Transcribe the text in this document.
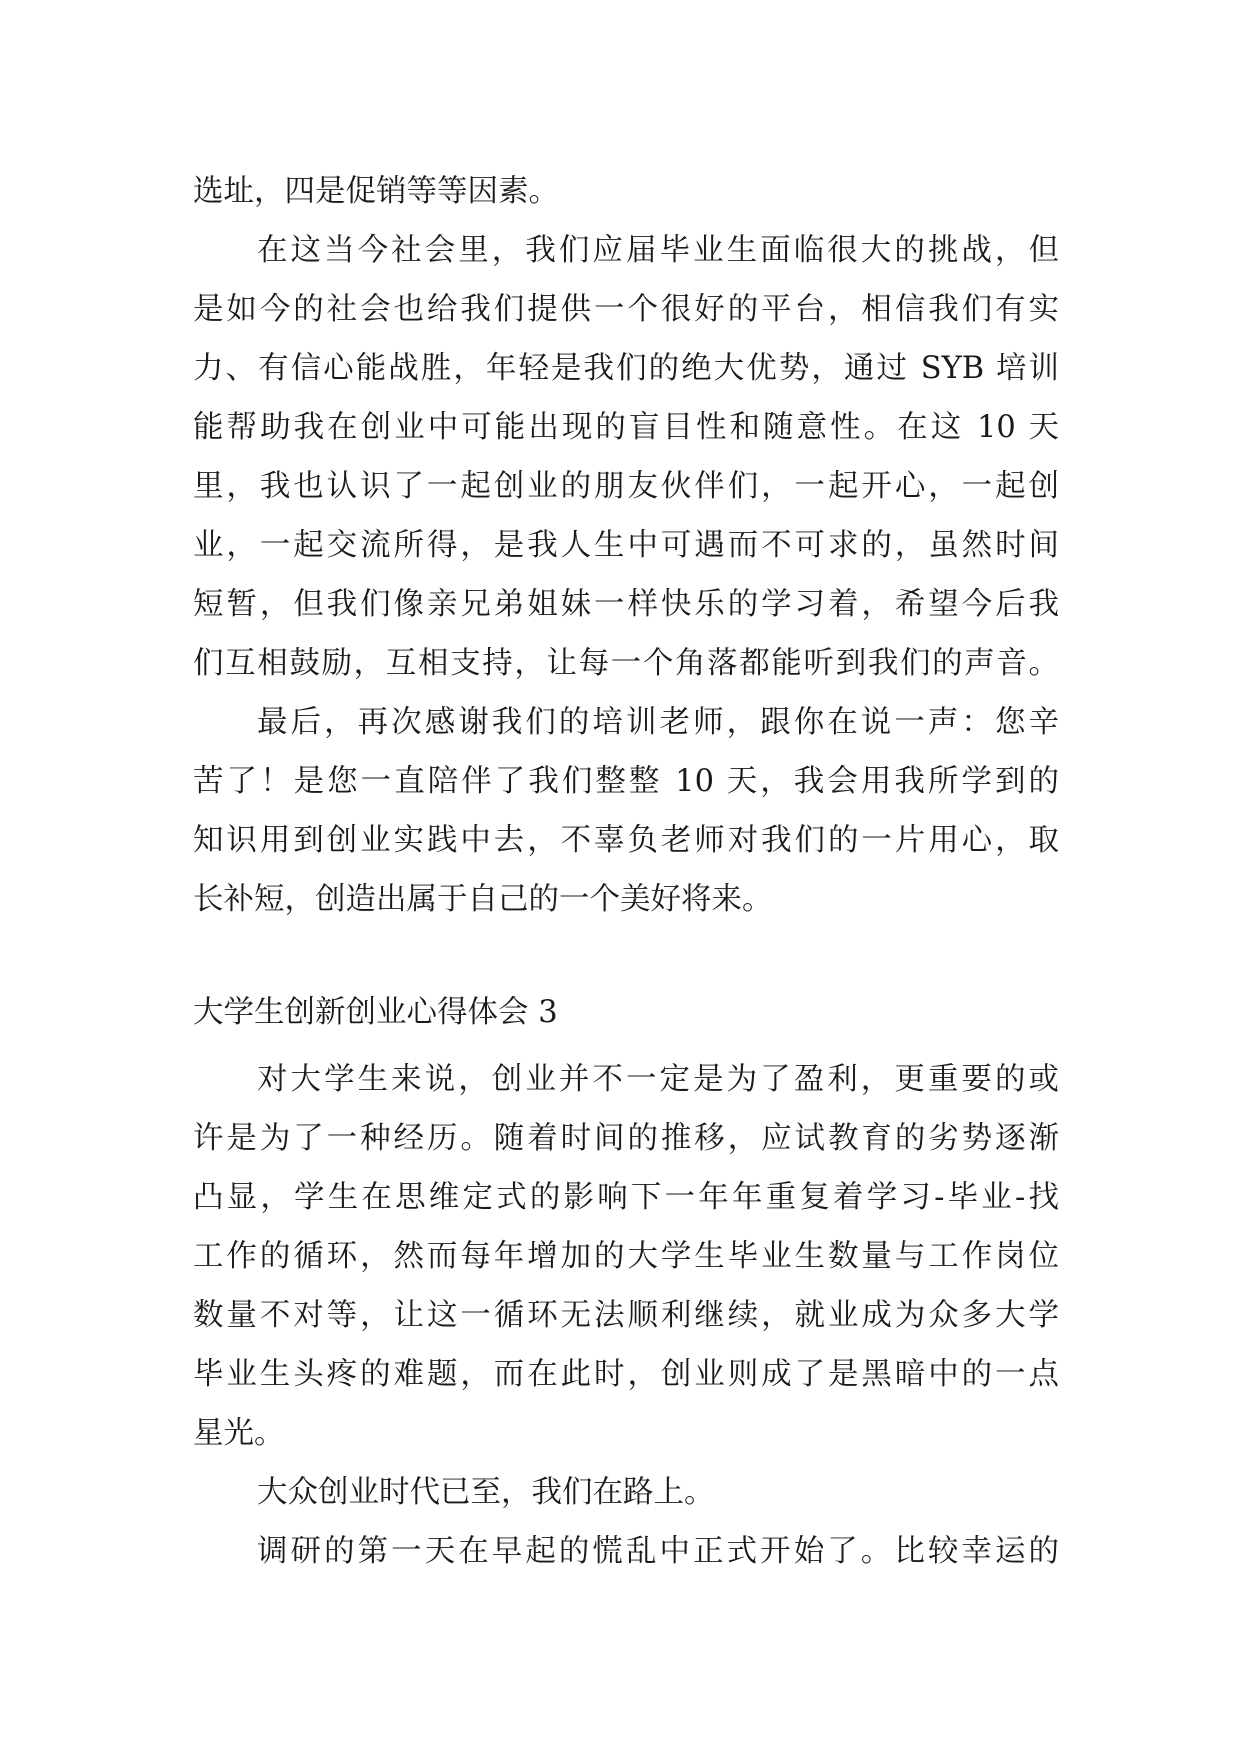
选址，四是促销等等因素。
在这当今社会里，我们应届毕业生面临很大的挑战，但
是如今的社会也给我们提供一个很好的平台，相信我们有实
力、有信心能战胜，年轻是我们的绝大优势，通过 SYB 培训
能帮助我在创业中可能出现的盲目性和随意性。在这 10 天
里，我也认识了一起创业的朋友伙伴们，一起开心，一起创
业，一起交流所得，是我人生中可遇而不可求的，虽然时间
短暂，但我们像亲兄弟姐妹一样快乐的学习着，希望今后我
们互相鼓励，互相支持，让每一个角落都能听到我们的声音。
最后，再次感谢我们的培训老师，跟你在说一声：您辛
苦了！是您一直陪伴了我们整整 10 天，我会用我所学到的
知识用到创业实践中去，不辜负老师对我们的一片用心，取
长补短，创造出属于自己的一个美好将来。
大学生创新创业心得体会 3
对大学生来说，创业并不一定是为了盈利，更重要的或
许是为了一种经历。随着时间的推移，应试教育的劣势逐渐
凸显，学生在思维定式的影响下一年年重复着学习-毕业-找
工作的循环，然而每年增加的大学生毕业生数量与工作岗位
数量不对等，让这一循环无法顺利继续，就业成为众多大学
毕业生头疼的难题，而在此时，创业则成了是黑暗中的一点
星光。
大众创业时代已至，我们在路上。
调研的第一天在早起的慌乱中正式开始了。比较幸运的
